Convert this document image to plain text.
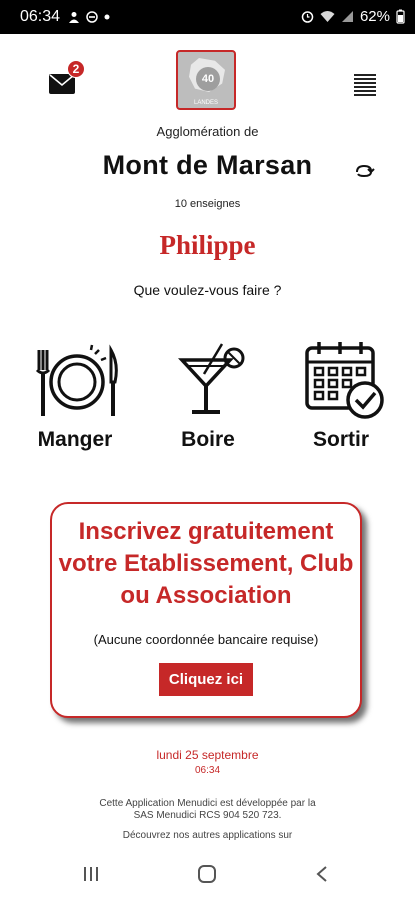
06:34	62%
2
40
LANDES
Agglomération de
Mont de Marsan
10 enseignes
Philippe
Que voulez-vous faire ?
Manger	Boire	Sortir
Inscrivez gratuitement votre Etablissement, Club ou Association
(Aucune coordonnée bancaire requise)
Cliquez ici
lundi 25 septembre
06:34
Cette Application Menudici est développée par la
SAS Menudici RCS 904 520 723.
Découvrez nos autres applications sur
